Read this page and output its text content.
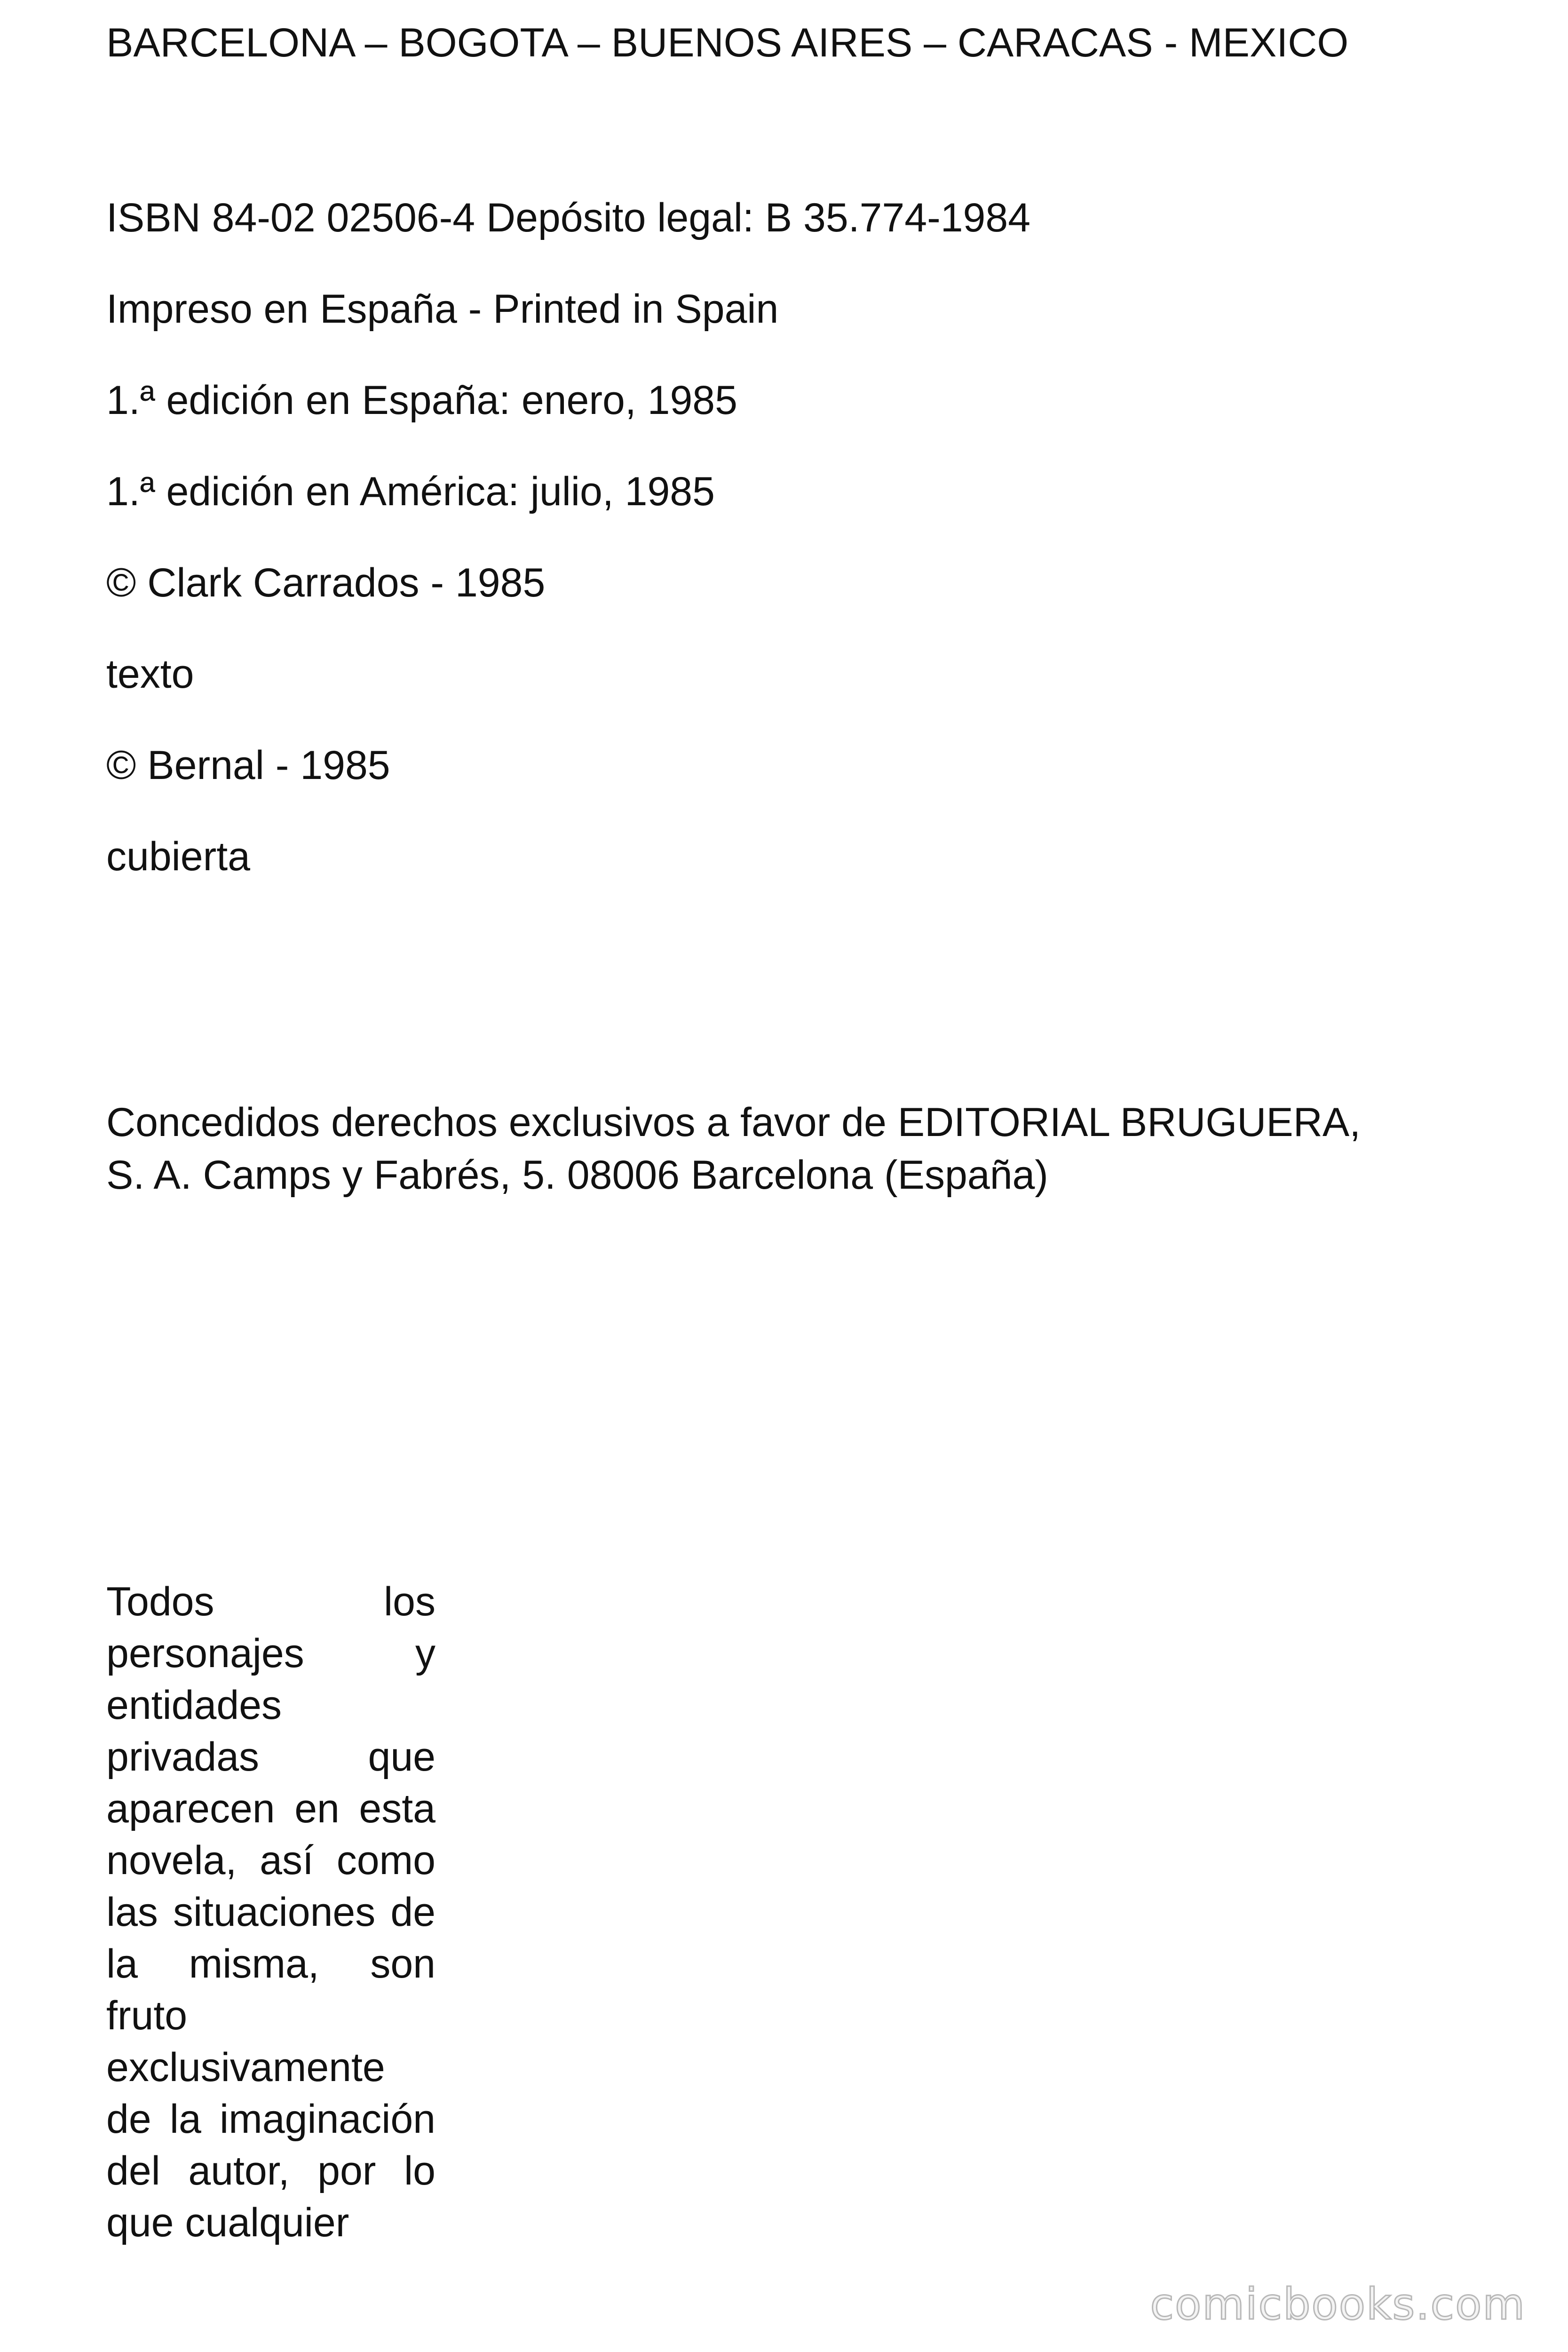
BARCELONA – BOGOTA – BUENOS AIRES – CARACAS - MEXICO

ISBN 84-02 02506-4 Depósito legal: B 35.774-1984

Impreso en España - Printed in Spain

1.ª edición en España: enero, 1985

1.ª edición en América: julio, 1985

© Clark Carrados - 1985

texto

© Bernal - 1985

cubierta

Concedidos derechos exclusivos a favor de EDITORIAL BRUGUERA,
S. A. Camps y Fabrés, 5. 08006 Barcelona (España)

Todos los personajes y entidades privadas que aparecen en esta novela, así como las situaciones de la misma, son fruto exclusivamente de la imaginación del autor, por lo que cualquier

comicbooks.com
